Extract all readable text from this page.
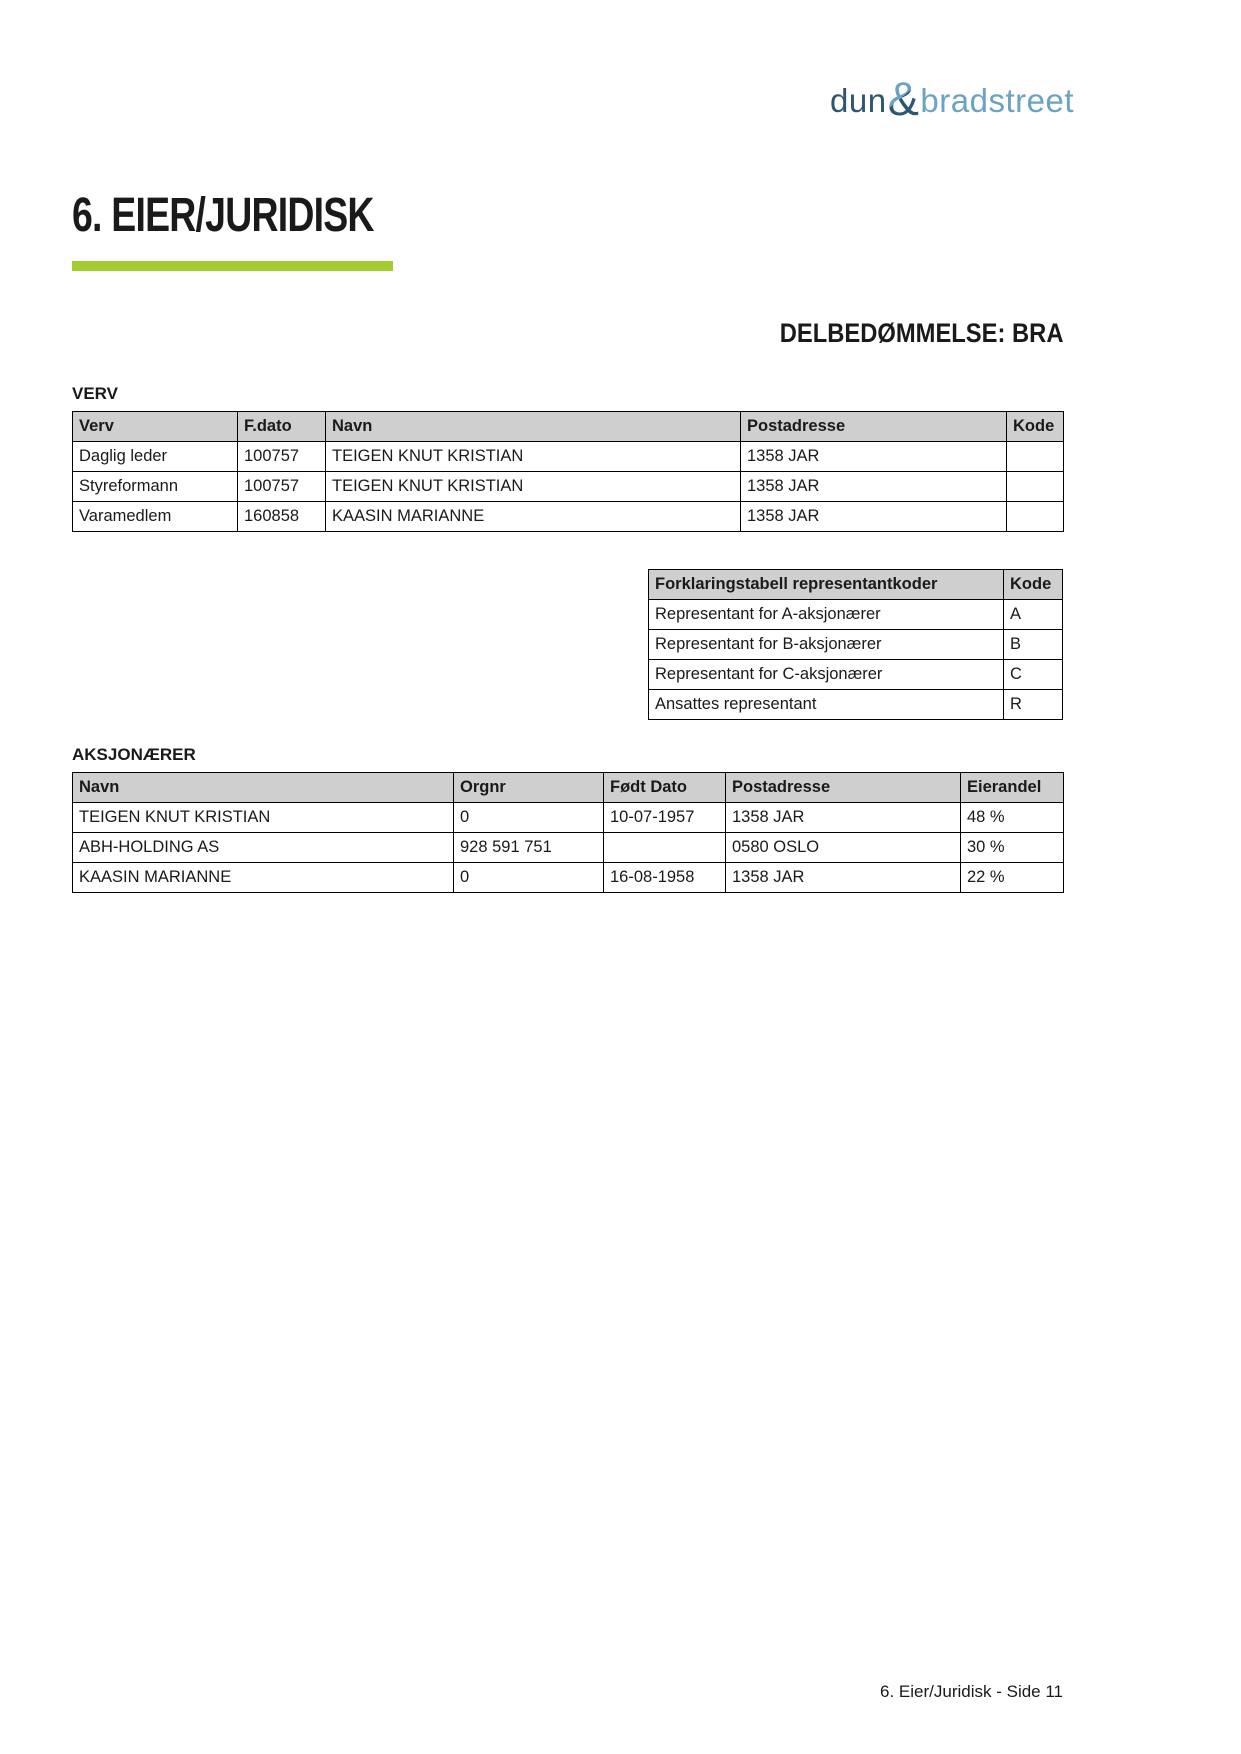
dun&bradstreet
6. EIER/JURIDISK
DELBEDØMMELSE: BRA
VERV
Verv	F.dato	Navn	Postadresse	Kode
Daglig leder	100757	TEIGEN KNUT KRISTIAN	1358 JAR	
Styreformann	100757	TEIGEN KNUT KRISTIAN	1358 JAR	
Varamedlem	160858	KAASIN MARIANNE	1358 JAR	
Forklaringstabell representantkoder	Kode
Representant for A-aksjonærer	A
Representant for B-aksjonærer	B
Representant for C-aksjonærer	C
Ansattes representant	R
AKSJONÆRER
Navn	Orgnr	Født Dato	Postadresse	Eierandel
TEIGEN KNUT KRISTIAN	0	10-07-1957	1358 JAR	48 %
ABH-HOLDING AS	928 591 751		0580 OSLO	30 %
KAASIN MARIANNE	0	16-08-1958	1358 JAR	22 %
6. Eier/Juridisk - Side 11
